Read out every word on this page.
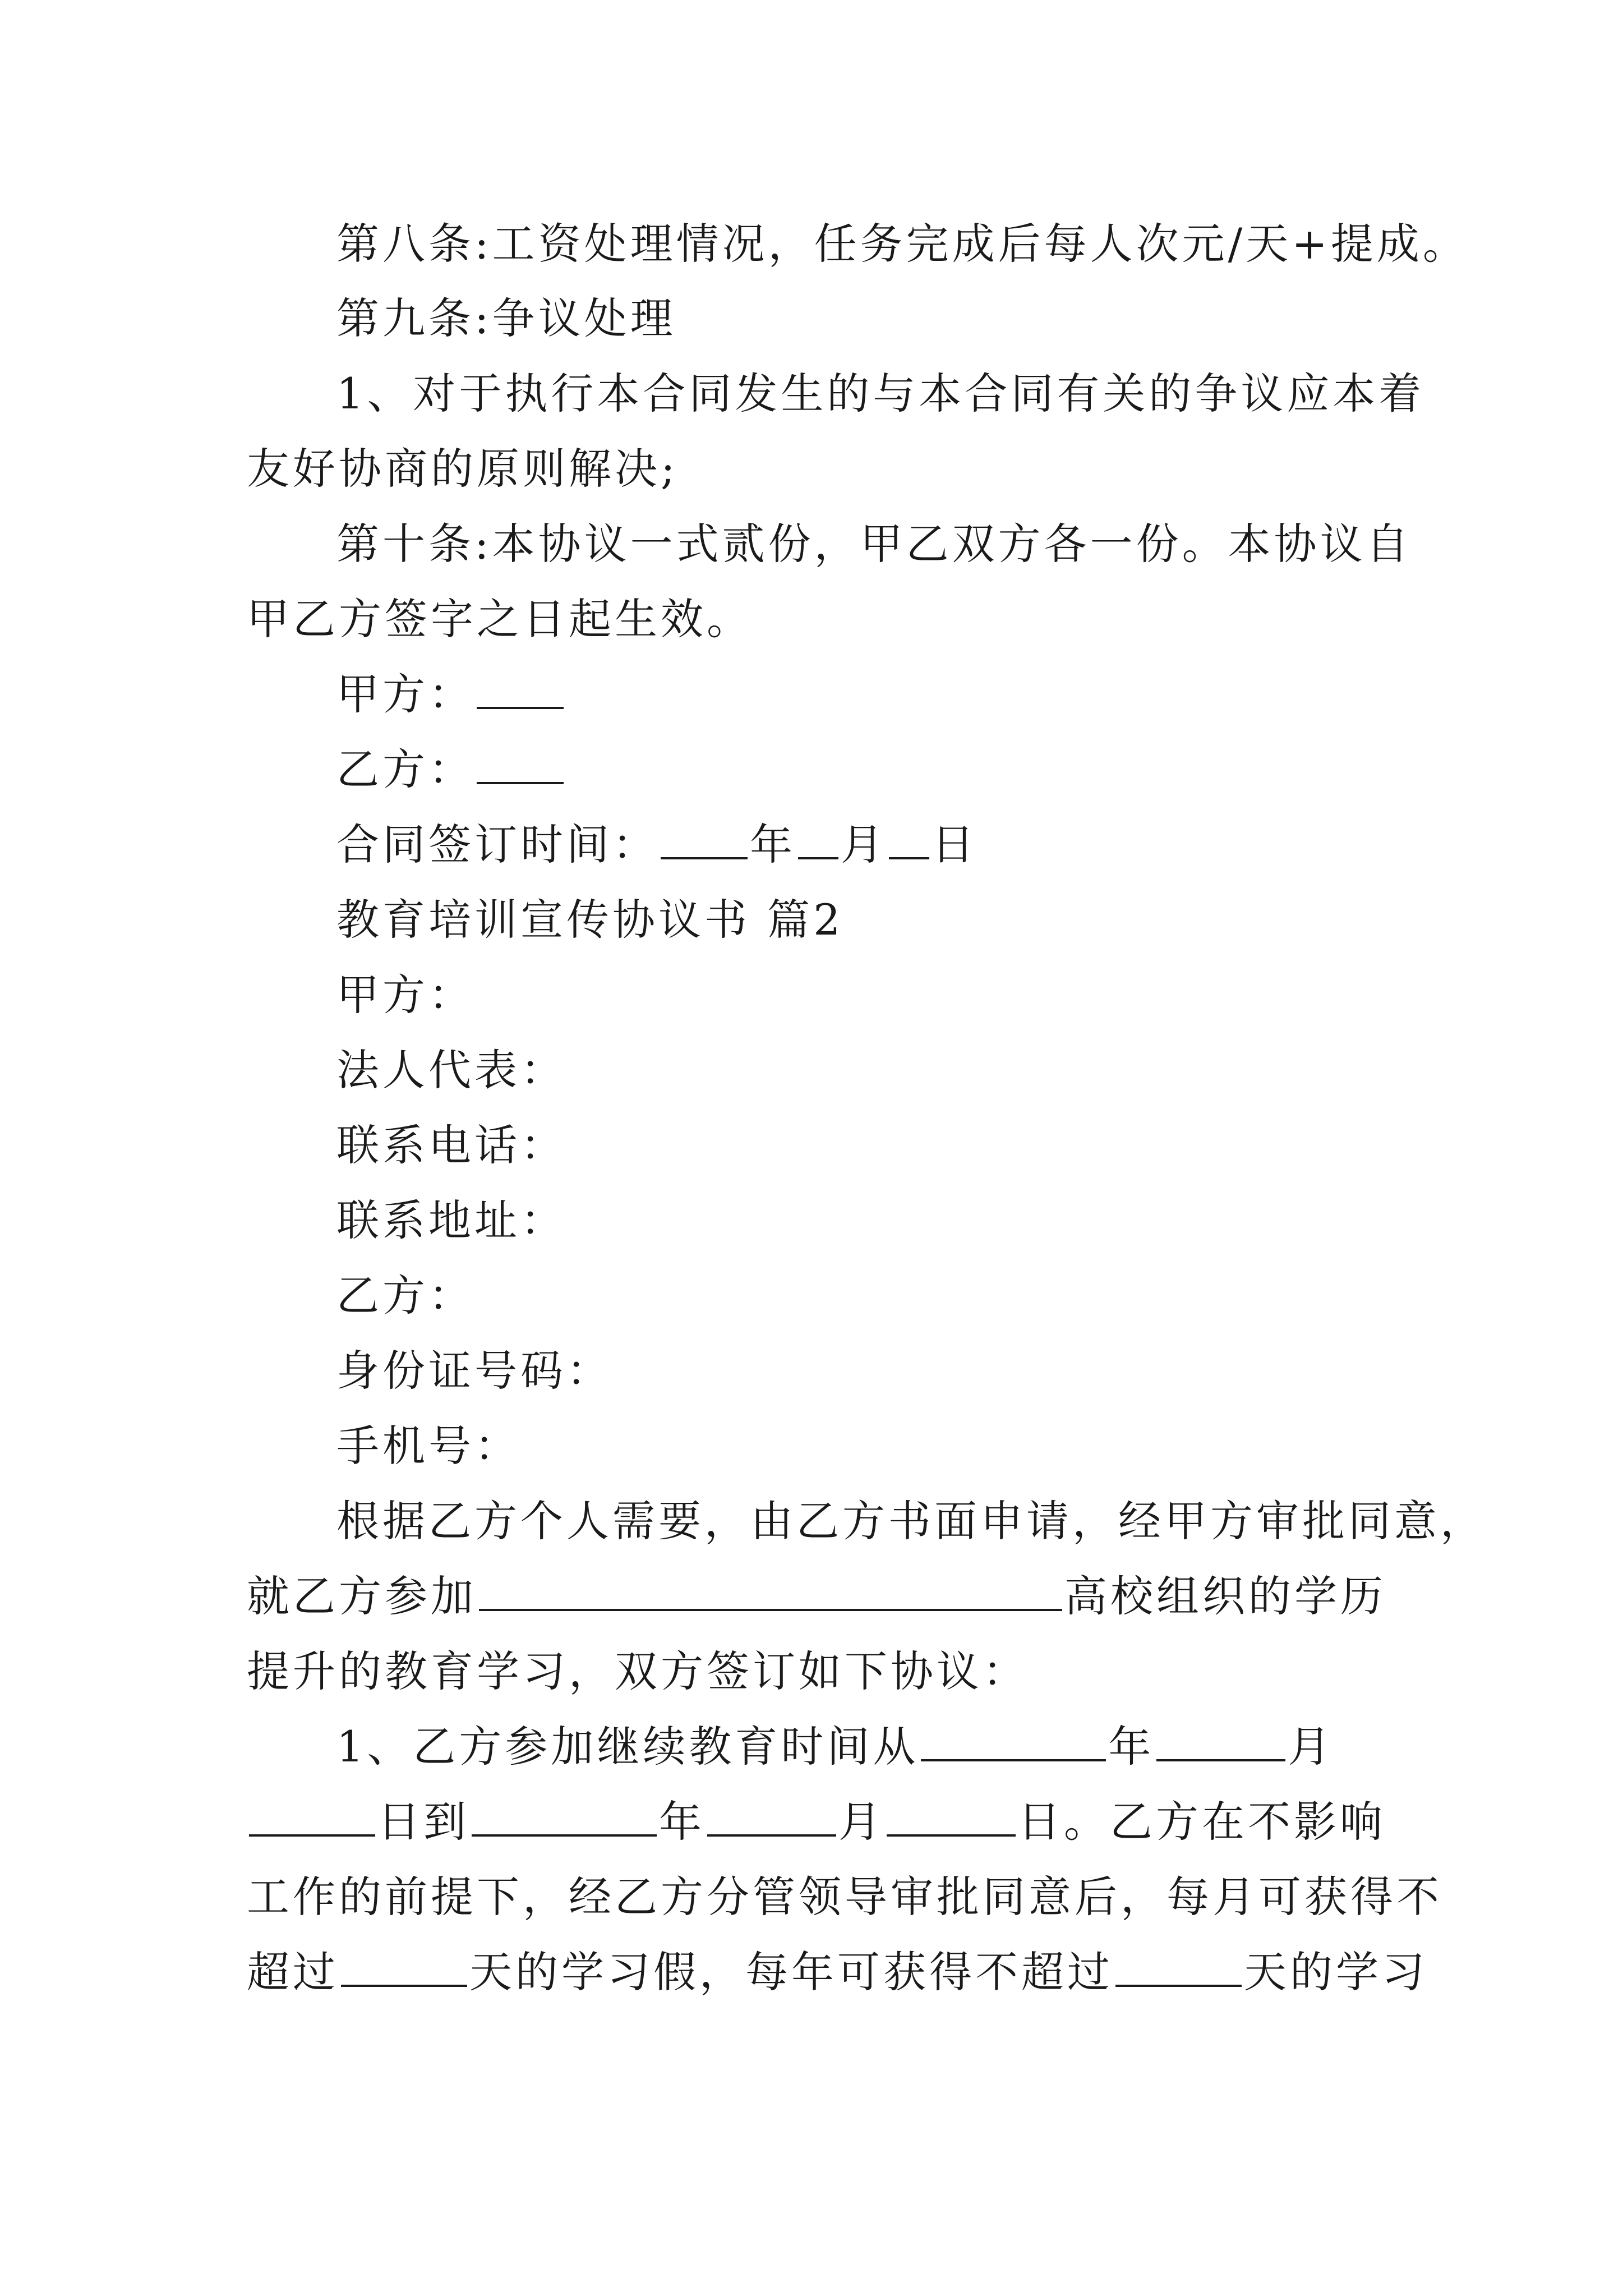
第八条:工资处理情况，任务完成后每人次元/天+提成。
第九条:争议处理
1、对于执行本合同发生的与本合同有关的争议应本着
友好协商的原则解决;
第十条:本协议一式贰份，甲乙双方各一份。本协议自
甲乙方签字之日起生效。
甲方：
乙方：
合同签订时间： 年 月 日
教育培训宣传协议书 篇2
甲方：
法人代表：
联系电话：
联系地址：
乙方：
身份证号码：
手机号：
根据乙方个人需要，由乙方书面申请，经甲方审批同意，
就乙方参加	高校组织的学历
提升的教育学习，双方签订如下协议：
1、乙方参加继续教育时间从	年	月
日到	年	月	日。乙方在不影响
工作的前提下，经乙方分管领导审批同意后，每月可获得不
超过	天的学习假，每年可获得不超过	天的学习
